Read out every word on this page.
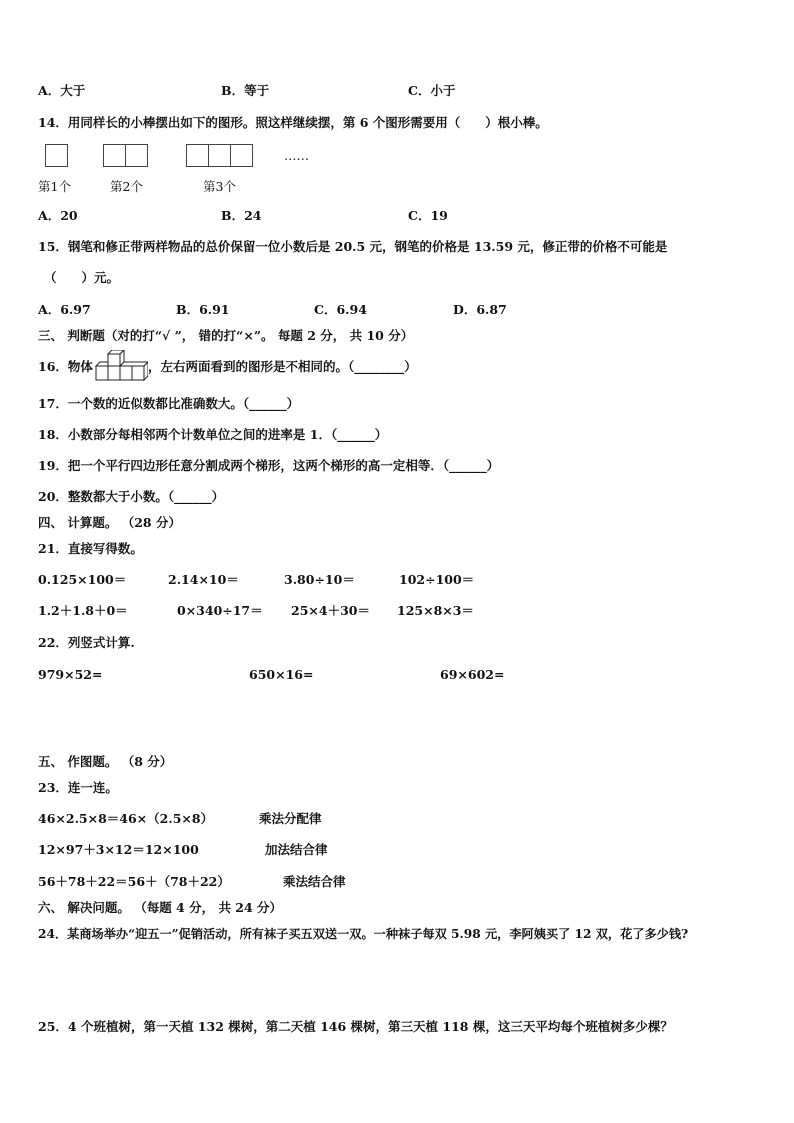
A．大于	B．等于	C．小于
14．用同样长的小棒摆出如下的图形。照这样继续摆，第 6 个图形需要用（　　）根小棒。
……
第1个	第2个	第3个
A．20	B．24	C．19
15．钢笔和修正带两样物品的总价保留一位小数后是 20.5 元，钢笔的价格是 13.59 元，修正带的价格不可能是
（　　）元。
A．6.97	B．6.91	C．6.94	D．6.87
三、 判断题（对的打“√ ”， 错的打“×”。 每题 2 分， 共 10 分）
16．物体	，左右两面看到的图形是不相同的。（________）
17．一个数的近似数都比准确数大。（______）
18．小数部分每相邻两个计数单位之间的进率是 1．（______）
19．把一个平行四边形任意分割成两个梯形，这两个梯形的高一定相等．（______）
20．整数都大于小数。（______）
四、 计算题。 （28 分）
21．直接写得数。
0.125×100＝	2.14×10＝	3.80÷10＝	102÷100＝
1.2＋1.8＋0＝	0×340÷17＝ 25×4＋30＝ 125×8×3＝
22．列竖式计算.
979×52=	650×16=	69×602=
五、 作图题。 （8 分）
23．连一连。
46×2.5×8＝46×（2.5×8）	乘法分配律
12×97＋3×12＝12×100	加法结合律
56＋78＋22＝56＋（78＋22）	乘法结合律
六、 解决问题。 （每题 4 分， 共 24 分）
24．某商场举办“迎五一”促销活动，所有袜子买五双送一双。一种袜子每双 5.98 元，李阿姨买了 12 双，花了多少钱?
25．4 个班植树，第一天植 132 棵树，第二天植 146 棵树，第三天植 118 棵，这三天平均每个班植树多少棵？
